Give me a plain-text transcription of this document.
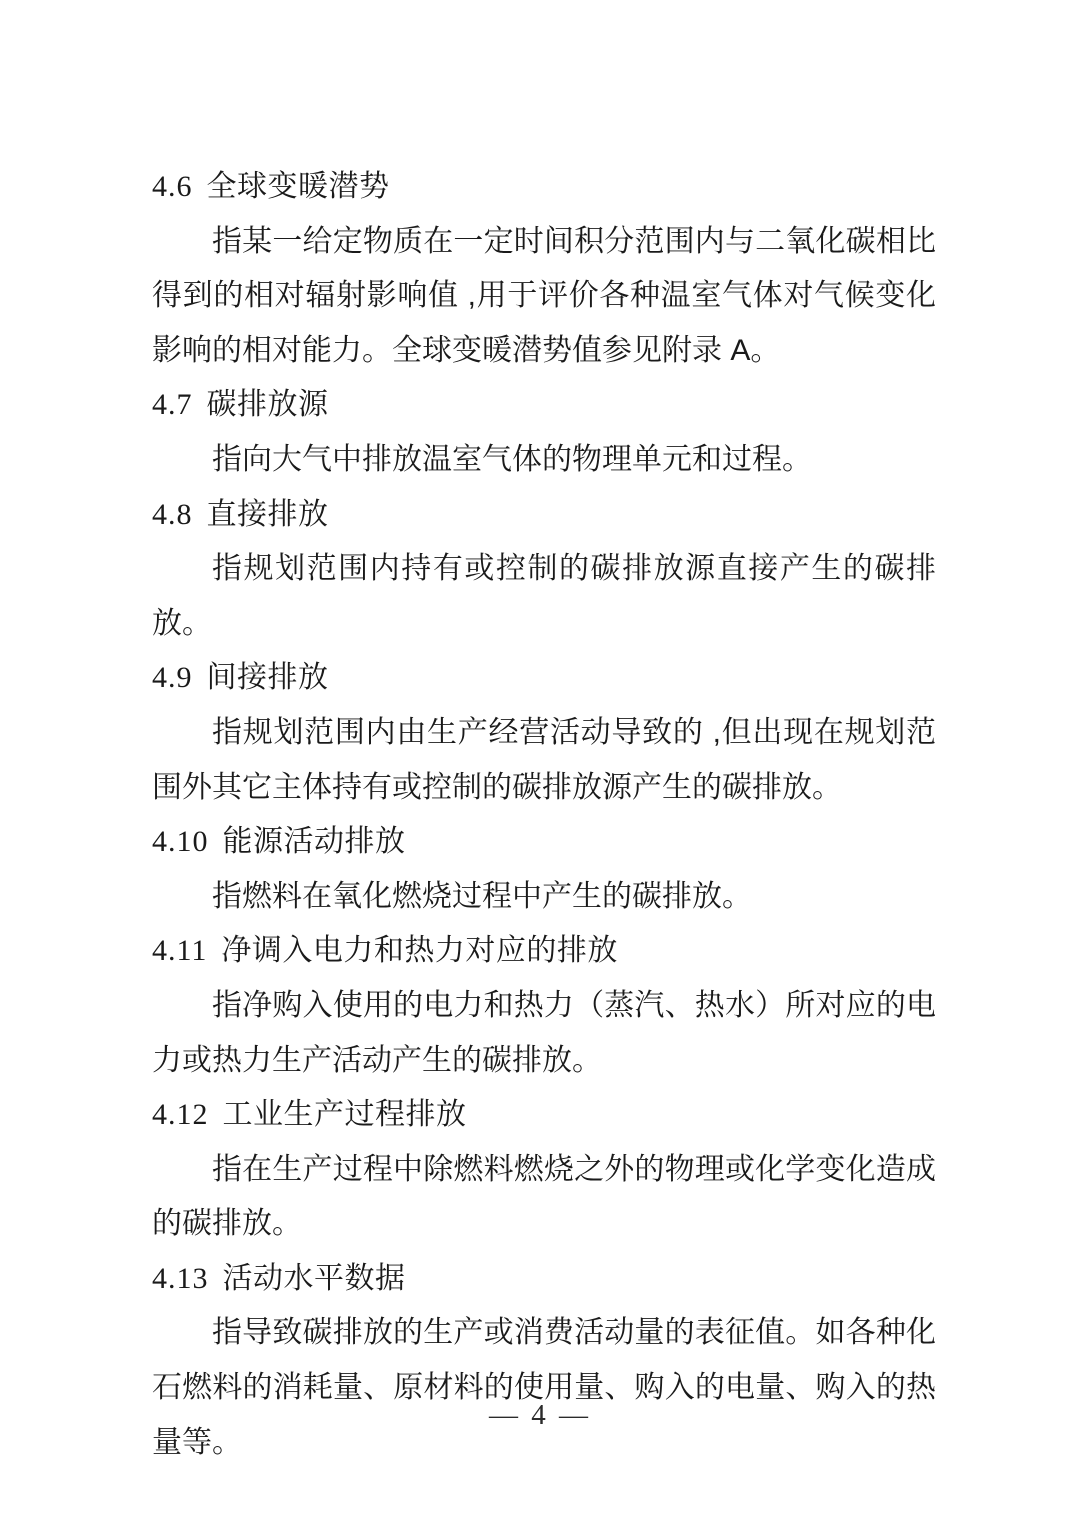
4.6 全球变暖潜势

指某一给定物质在一定时间积分范围内与二氧化碳相比得到的相对辐射影响值 ,用于评价各种温室气体对气候变化影响的相对能力。全球变暖潜势值参见附录 A。

4.7 碳排放源

指向大气中排放温室气体的物理单元和过程。

4.8 直接排放

指规划范围内持有或控制的碳排放源直接产生的碳排放。

4.9 间接排放

指规划范围内由生产经营活动导致的 ,但出现在规划范围外其它主体持有或控制的碳排放源产生的碳排放。

4.10 能源活动排放

指燃料在氧化燃烧过程中产生的碳排放。

4.11 净调入电力和热力对应的排放

指净购入使用的电力和热力（蒸汽、热水）所对应的电力或热力生产活动产生的碳排放。

4.12 工业生产过程排放

指在生产过程中除燃料燃烧之外的物理或化学变化造成的碳排放。

4.13 活动水平数据

指导致碳排放的生产或消费活动量的表征值。如各种化石燃料的消耗量、原材料的使用量、购入的电量、购入的热量等。

— 4 —
